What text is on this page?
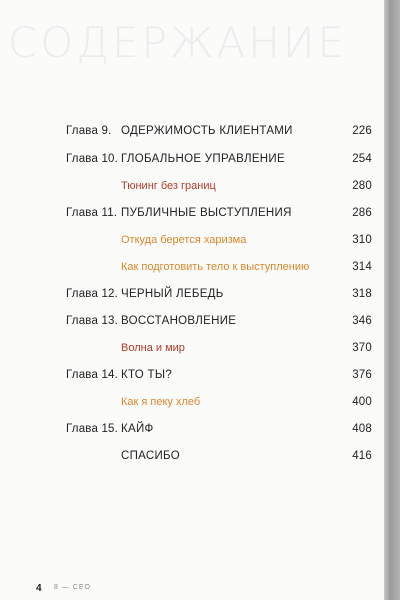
СОДЕРЖАНИЕ
Глава 9. ОДЕРЖИМОСТЬ КЛИЕНТАМИ	226
Глава 10. ГЛОБАЛЬНОЕ УПРАВЛЕНИЕ	254
Тюнинг без границ	280
Глава 11. ПУБЛИЧНЫЕ ВЫСТУПЛЕНИЯ	286
Откуда берется харизма	310
Как подготовить тело к выступлению	314
Глава 12. ЧЕРНЫЙ ЛЕБЕДЬ	318
Глава 13. ВОССТАНОВЛЕНИЕ	346
Волна и мир	370
Глава 14. КТО ТЫ?	376
Как я пеку хлеб	400
Глава 15. КАЙФ	408
СПАСИБО	416
4 8 — CEO
